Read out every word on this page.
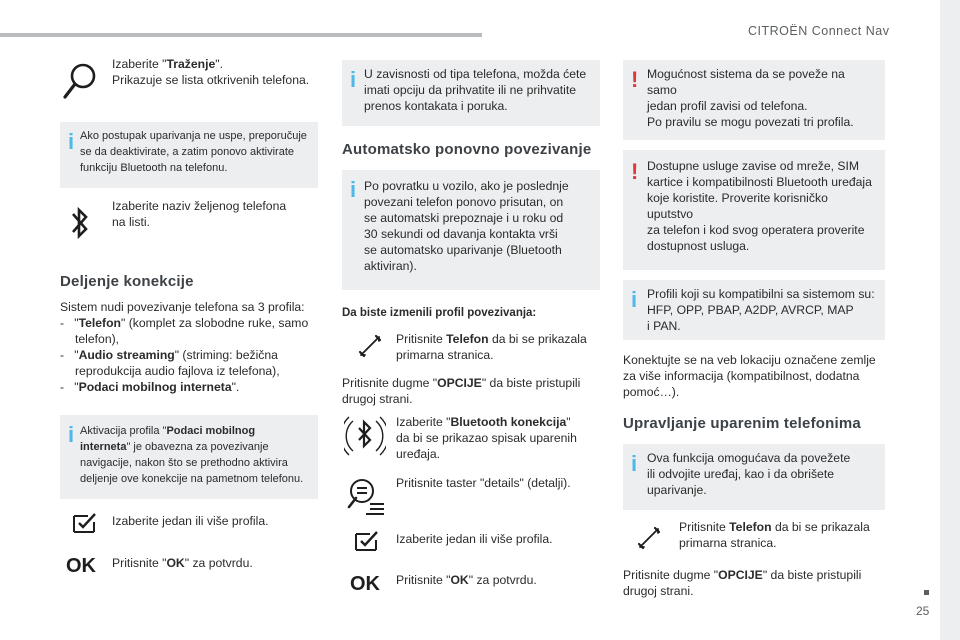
CITROËN Connect Nav
25
Izaberite "Traženje".
Prikazuje se lista otkrivenih telefona.
i Ako postupak uparivanja ne uspe, preporučuje
se da deaktivirate, a zatim ponovo aktivirate
funkciju Bluetooth na telefonu.
Izaberite naziv željenog telefona
na listi.
Deljenje konekcije
Sistem nudi povezivanje telefona sa 3 profila:
- "Telefon" (komplet za slobodne ruke, samo
telefon),
- "Audio streaming" (striming: bežična
reprodukcija audio fajlova iz telefona),
- "Podaci mobilnog interneta".
i Aktivacija profila "Podaci mobilnog
interneta" je obavezna za povezivanje
navigacije, nakon što se prethodno aktivira
deljenje ove konekcije na pametnom telefonu.
Izaberite jedan ili više profila.
OK Pritisnite "OK" za potvrdu.
i U zavisnosti od tipa telefona, možda ćete
imati opciju da prihvatite ili ne prihvatite
prenos kontakata i poruka.
Automatsko ponovno povezivanje
i Po povratku u vozilo, ako je poslednje
povezani telefon ponovo prisutan, on
se automatski prepoznaje i u roku od
30 sekundi od davanja kontakta vrši
se automatsko uparivanje (Bluetooth
aktiviran).
Da biste izmenili profil povezivanja:
Pritisnite Telefon da bi se prikazala
primarna stranica.
Pritisnite dugme "OPCIJE" da biste pristupili
drugoj strani.
Izaberite "Bluetooth konekcija"
da bi se prikazao spisak uparenih
uređaja.
Pritisnite taster "details" (detalji).
Izaberite jedan ili više profila.
OK Pritisnite "OK" za potvrdu.
! Mogućnost sistema da se poveže na samo
jedan profil zavisi od telefona.
Po pravilu se mogu povezati tri profila.
! Dostupne usluge zavise od mreže, SIM
kartice i kompatibilnosti Bluetooth uređaja
koje koristite. Proverite korisničko uputstvo
za telefon i kod svog operatera proverite
dostupnost usluga.
i Profili koji su kompatibilni sa sistemom su:
HFP, OPP, PBAP, A2DP, AVRCP, MAP
i PAN.
Konektujte se na veb lokaciju označene zemlje
za više informacija (kompatibilnost, dodatna
pomoć…).
Upravljanje uparenim telefonima
i Ova funkcija omogućava da povežete
ili odvojite uređaj, kao i da obrišete
uparivanje.
Pritisnite Telefon da bi se prikazala
primarna stranica.
Pritisnite dugme "OPCIJE" da biste pristupili
drugoj strani.
